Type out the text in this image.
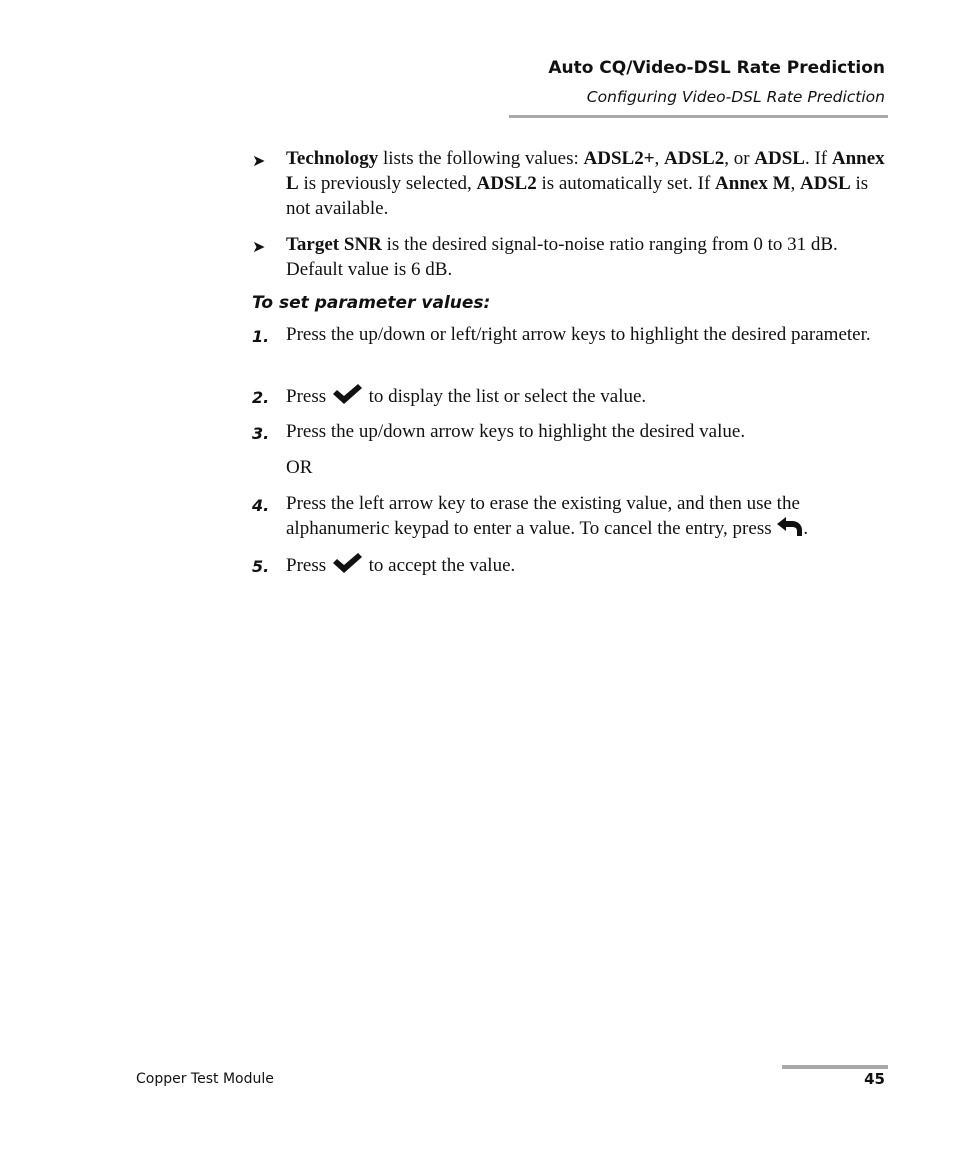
Auto CQ/Video-DSL Rate Prediction
Configuring Video-DSL Rate Prediction
➤ Technology lists the following values: ADSL2+, ADSL2, or ADSL. If Annex L is previously selected, ADSL2 is automatically set. If Annex M, ADSL is not available.
➤ Target SNR is the desired signal-to-noise ratio ranging from 0 to 31 dB. Default value is 6 dB.
To set parameter values:
1. Press the up/down or left/right arrow keys to highlight the desired parameter.
2. Press  to display the list or select the value.
3. Press the up/down arrow keys to highlight the desired value.
OR
4. Press the left arrow key to erase the existing value, and then use the alphanumeric keypad to enter a value. To cancel the entry, press .
5. Press  to accept the value.
Copper Test Module	45
